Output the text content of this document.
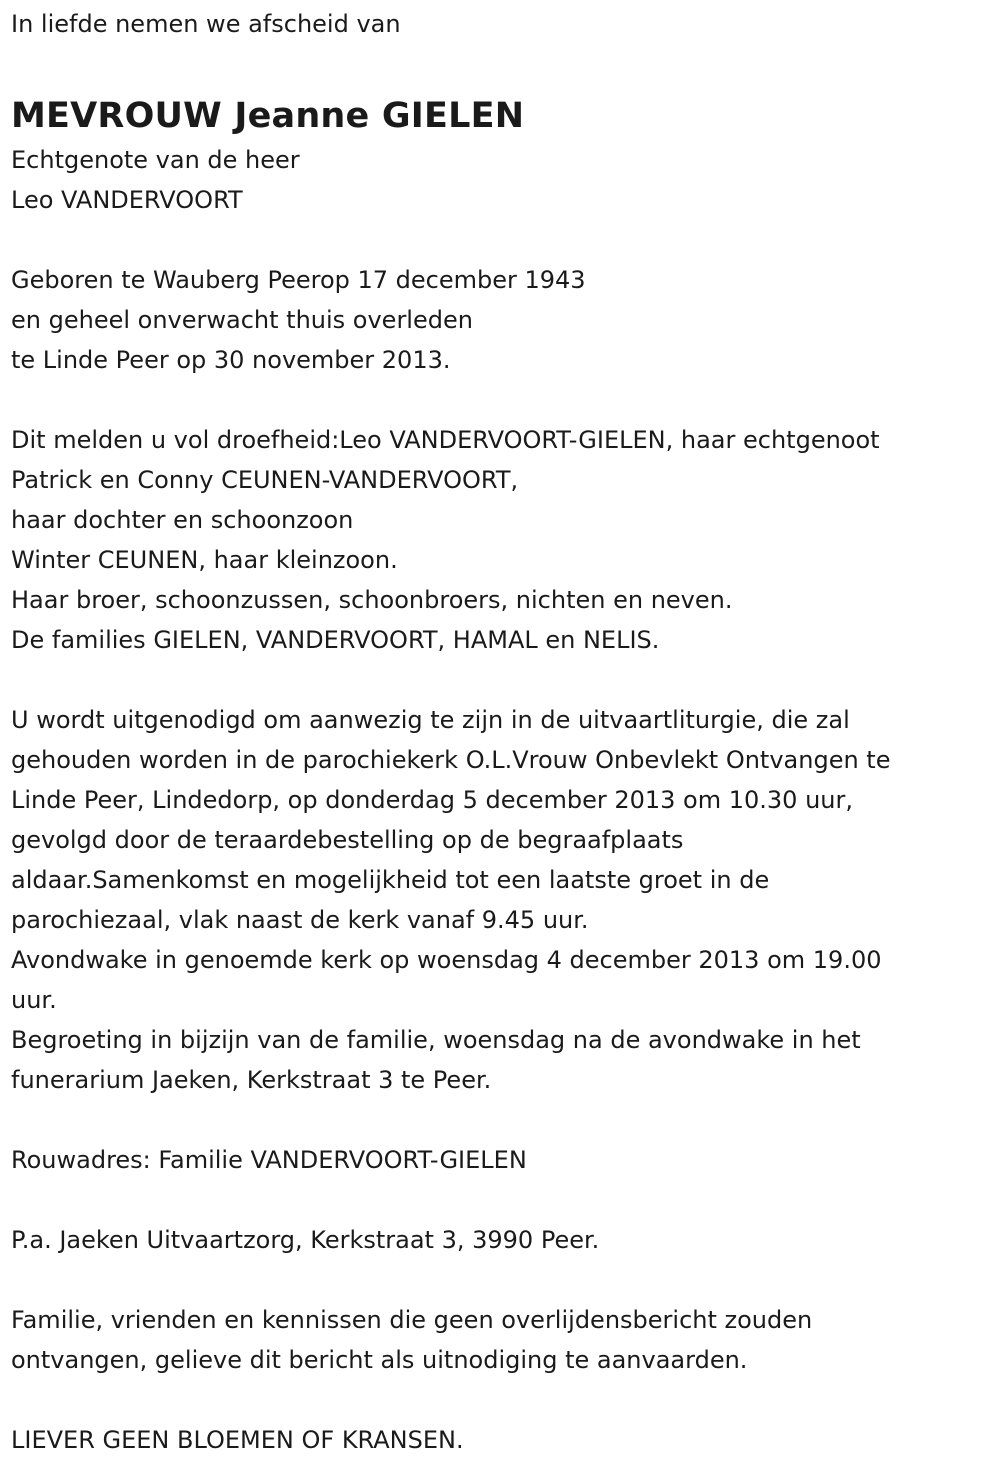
In liefde nemen we afscheid van
MEVROUW Jeanne GIELEN
Echtgenote van de heer
Leo VANDERVOORT
Geboren te Wauberg Peerop 17 december 1943
en geheel onverwacht thuis overleden
te Linde Peer op 30 november 2013.
Dit melden u vol droefheid:Leo VANDERVOORT-GIELEN, haar echtgenoot
Patrick en Conny CEUNEN-VANDERVOORT,
haar dochter en schoonzoon
Winter CEUNEN, haar kleinzoon.
Haar broer, schoonzussen, schoonbroers, nichten en neven.
De families GIELEN, VANDERVOORT, HAMAL en NELIS.
U wordt uitgenodigd om aanwezig te zijn in de uitvaartliturgie, die zal
gehouden worden in de parochiekerk O.L.Vrouw Onbevlekt Ontvangen te
Linde Peer, Lindedorp, op donderdag 5 december 2013 om 10.30 uur,
gevolgd door de teraardebestelling op de begraafplaats
aldaar.Samenkomst en mogelijkheid tot een laatste groet in de
parochiezaal, vlak naast de kerk vanaf 9.45 uur.
Avondwake in genoemde kerk op woensdag 4 december 2013 om 19.00
uur.
Begroeting in bijzijn van de familie, woensdag na de avondwake in het
funerarium Jaeken, Kerkstraat 3 te Peer.
Rouwadres: Familie VANDERVOORT-GIELEN
P.a. Jaeken Uitvaartzorg, Kerkstraat 3, 3990 Peer.
Familie, vrienden en kennissen die geen overlijdensbericht zouden
ontvangen, gelieve dit bericht als uitnodiging te aanvaarden.
LIEVER GEEN BLOEMEN OF KRANSEN.
